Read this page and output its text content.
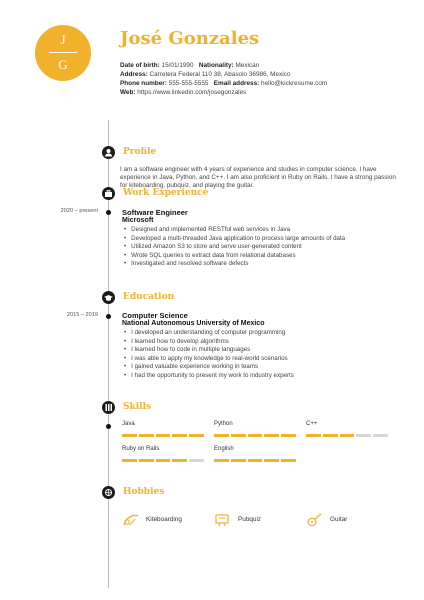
J
G
José Gonzales
Date of birth: 15/01/1990 Nationality: Mexican
Address: Carretera Federal 110 38, Abasolo 36986, Mexico
Phone number: 555-555-5555 Email address: hello@kickresume.com
Web: https://www.linkedin.com/josegonzales
Profile
I am a software engineer with 4 years of experience and studies in computer science. I have experience in Java, Python, and C++. I am also proficient in Ruby on Rails. I have a strong passion for kiteboarding, pubquiz, and playing the guitar.
Work Experience
2020 – present	Software Engineer
Microsoft
• Designed and implemented RESTful web services in Java
• Developed a multi-threaded Java application to process large amounts of data
• Utilized Amazon S3 to store and serve user-generated content
• Wrote SQL queries to extract data from relational databases
• Investigated and resolved software defects
Education
2015 – 2019	Computer Science
National Autonomous University of Mexico
• I developed an understanding of computer programming
• I learned how to develop algorithms
• I learned how to code in multiple languages
• I was able to apply my knowledge to real-world scenarios
• I gained valuable experience working in teams
• I had the opportunity to present my work to industry experts
Skills
Java	Python	C++
Ruby on Rails	English
Hobbies
Kiteboarding	Pubquiz	Guitar
